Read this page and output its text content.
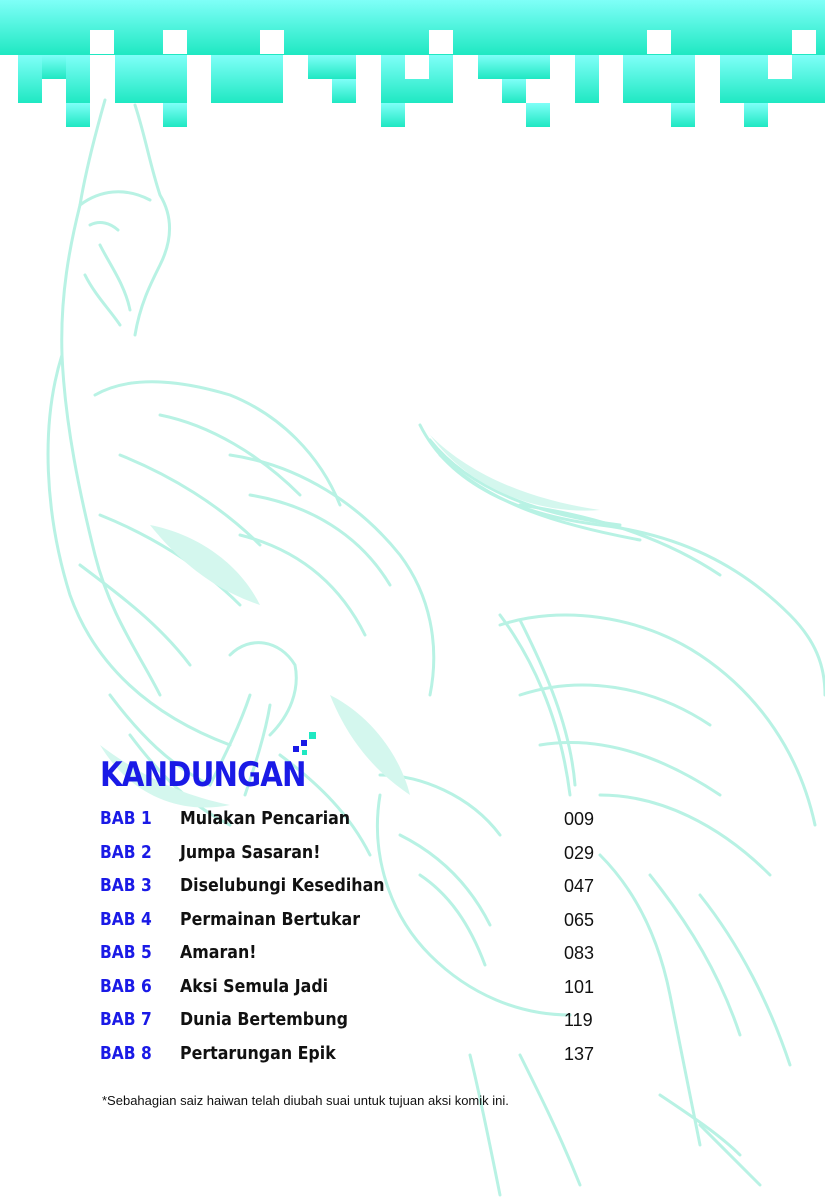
KANDUNGAN
BAB 1 Mulakan Pencarian	009
BAB 2 Jumpa Sasaran!	029
BAB 3 Diselubungi Kesedihan	047
BAB 4 Permainan Bertukar	065
BAB 5 Amaran!	083
BAB 6 Aksi Semula Jadi	101
BAB 7 Dunia Bertembung	119
BAB 8 Pertarungan Epik	137
*Sebahagian saiz haiwan telah diubah suai untuk tujuan aksi komik ini.
